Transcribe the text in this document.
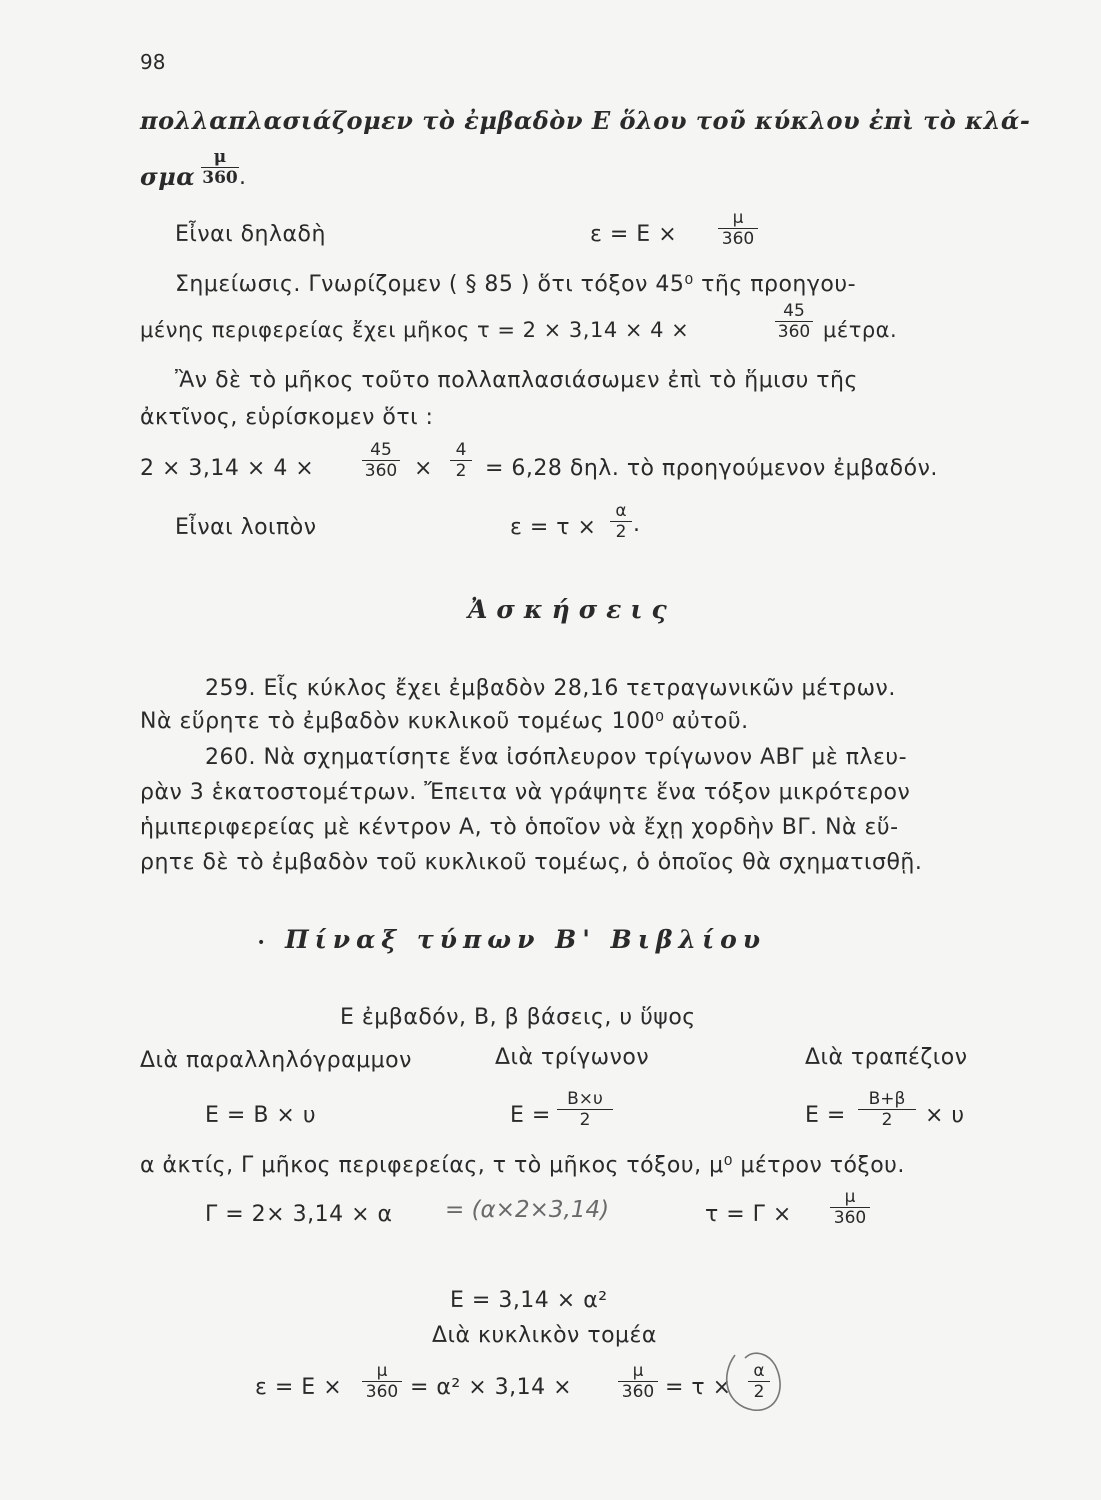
98
πολλαπλασιάζομεν τὸ ἐμβαδὸν Ε ὅλου τοῦ κύκλου ἐπὶ τὸ κλά-
σμα
μ
360 .
Εἶναι δηλαδὴ	ε = Ε ×
μ
360
Σημείωσις. Γνωρίζομεν ( § 85 ) ὅτι τόξον 45⁰ τῆς προηγου-
μένης περιφερείας ἔχει μῆκος τ = 2 × 3,14 × 4 ×
45
360 μέτρα.
Ἂν δὲ τὸ μῆκος τοῦτο πολλαπλασιάσωμεν ἐπὶ τὸ ἥμισυ τῆς
ἀκτῖνος, εὑρίσκομεν ὅτι :
2 × 3,14 × 4 ×
45
360 ×
4
2 = 6,28 δηλ. τὸ προηγούμενον ἐμβαδόν.
Εἶναι λοιπὸν	ε = τ ×
α
2 .
Ἀσκήσεις
259. Εἷς κύκλος ἔχει ἐμβαδὸν 28,16 τετραγωνικῶν μέτρων.
Νὰ εὕρητε τὸ ἐμβαδὸν κυκλικοῦ τομέως 100⁰ αὐτοῦ.
260. Νὰ σχηματίσητε ἕνα ἰσόπλευρον τρίγωνον ΑΒΓ μὲ πλευ-
ρὰν 3 ἑκατοστομέτρων. Ἔπειτα νὰ γράψητε ἕνα τόξον μικρότερον
ἡμιπεριφερείας μὲ κέντρον Α, τὸ ὁποῖον νὰ ἔχῃ χορδὴν ΒΓ. Νὰ εὕ-
ρητε δὲ τὸ ἐμβαδὸν τοῦ κυκλικοῦ τομέως, ὁ ὁποῖος θὰ σχηματισθῇ.
• Πίναξ τύπων Β' Βιβλίου
Ε ἐμβαδόν, Β, β βάσεις, υ ὕψος
Διὰ παραλληλόγραμμον	Διὰ τρίγωνον	Διὰ τραπέζιον
Ε = Β × υ	Ε =
Β×υ
2	Ε =
Β+β
2	× υ
α ἀκτίς, Γ μῆκος περιφερείας, τ τὸ μῆκος τόξου, μ⁰ μέτρον τόξου.
Γ = 2× 3,14 × α = (α×2×3,14)	τ = Γ ×
μ
360
Ε = 3,14 × α²
Διὰ κυκλικὸν τομέα
ε = Ε ×
μ
360 = α² × 3,14 ×
μ
360 = τ ×
α
2
